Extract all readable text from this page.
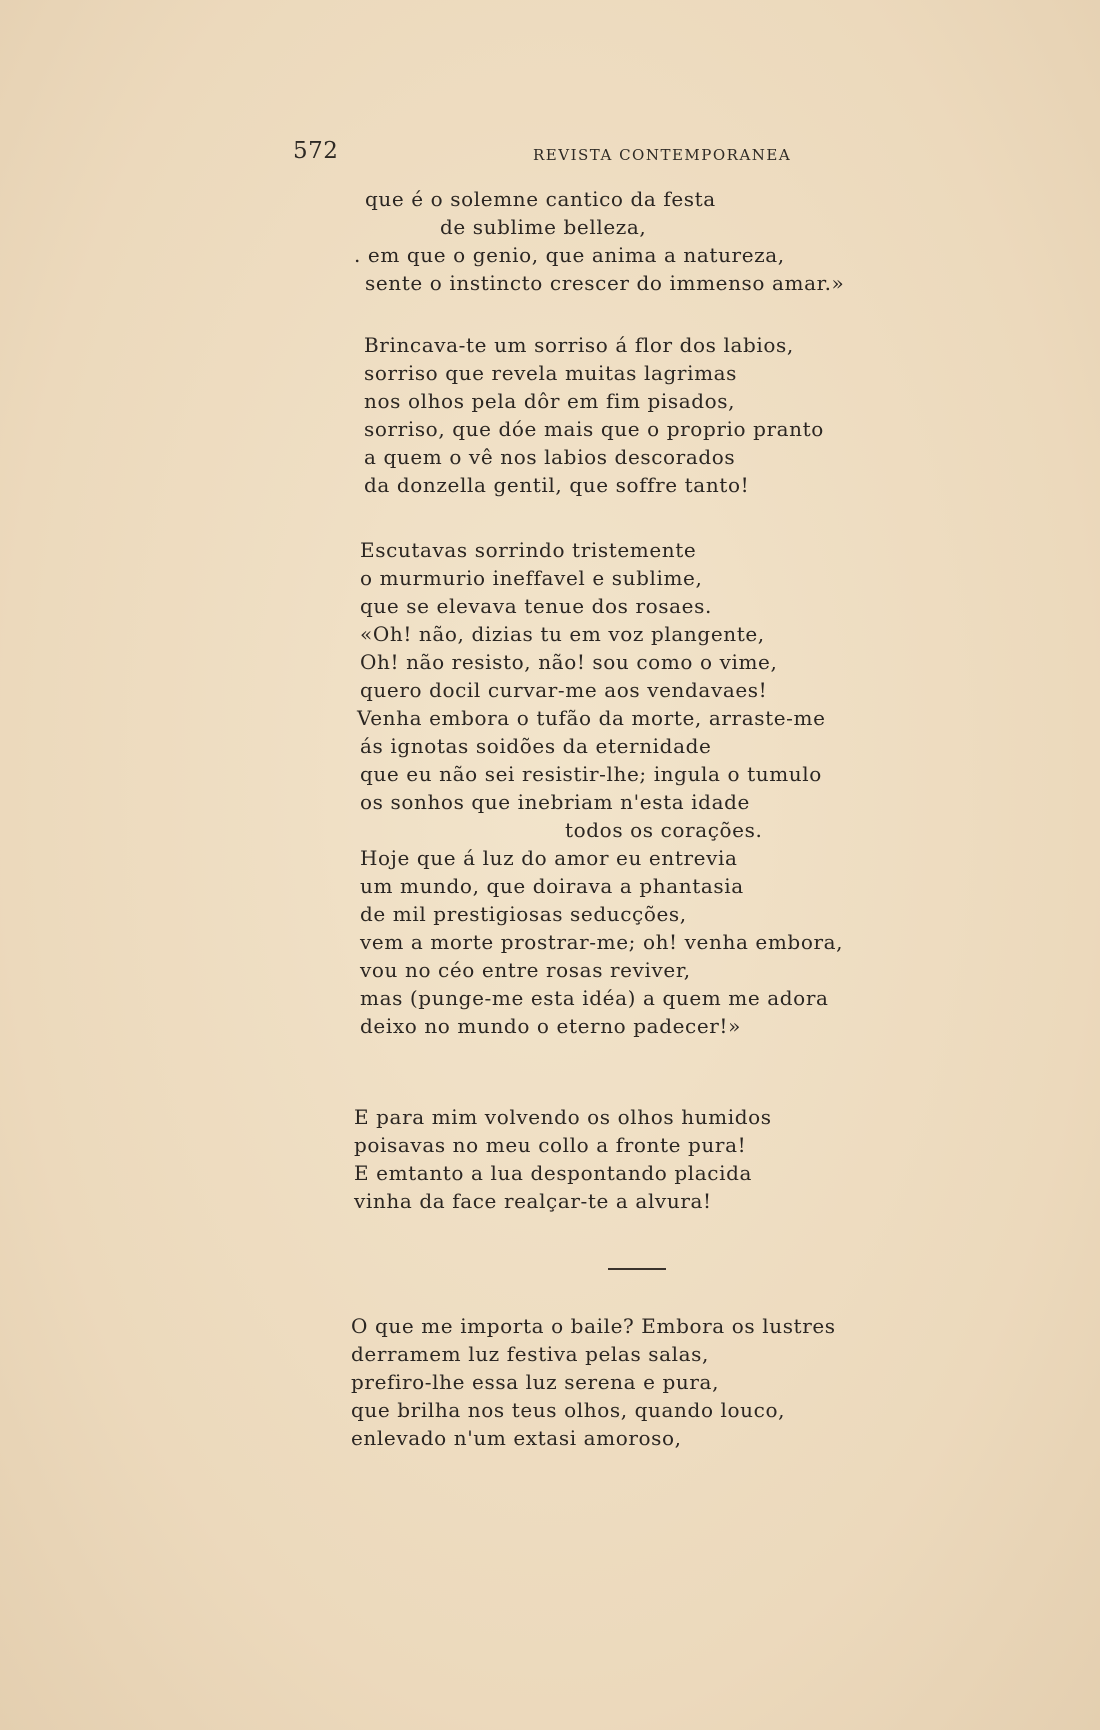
572	REVISTA CONTEMPORANEA
que é o solemne cantico da festa
de sublime belleza,
. em que o genio, que anima a natureza,
sente o instincto crescer do immenso amar.»
Brincava-te um sorriso á flor dos labios,
sorriso que revela muitas lagrimas
nos olhos pela dôr em fim pisados,
sorriso, que dóe mais que o proprio pranto
a quem o vê nos labios descorados
da donzella gentil, que soffre tanto!
Escutavas sorrindo tristemente
o murmurio ineffavel e sublime,
que se elevava tenue dos rosaes.
«Oh! não, dizias tu em voz plangente,
Oh! não resisto, não! sou como o vime,
quero docil curvar-me aos vendavaes!
Venha embora o tufão da morte, arraste-me
ás ignotas soidões da eternidade
que eu não sei resistir-lhe; ingula o tumulo
os sonhos que inebriam n'esta idade
todos os corações.
Hoje que á luz do amor eu entrevia
um mundo, que doirava a phantasia
de mil prestigiosas seducções,
vem a morte prostrar-me; oh! venha embora,
vou no céo entre rosas reviver,
mas (punge-me esta idéa) a quem me adora
deixo no mundo o eterno padecer!»
E para mim volvendo os olhos humidos
poisavas no meu collo a fronte pura!
E emtanto a lua despontando placida
vinha da face realçar-te a alvura!
O que me importa o baile? Embora os lustres
derramem luz festiva pelas salas,
prefiro-lhe essa luz serena e pura,
que brilha nos teus olhos, quando louco,
enlevado n'um extasi amoroso,
